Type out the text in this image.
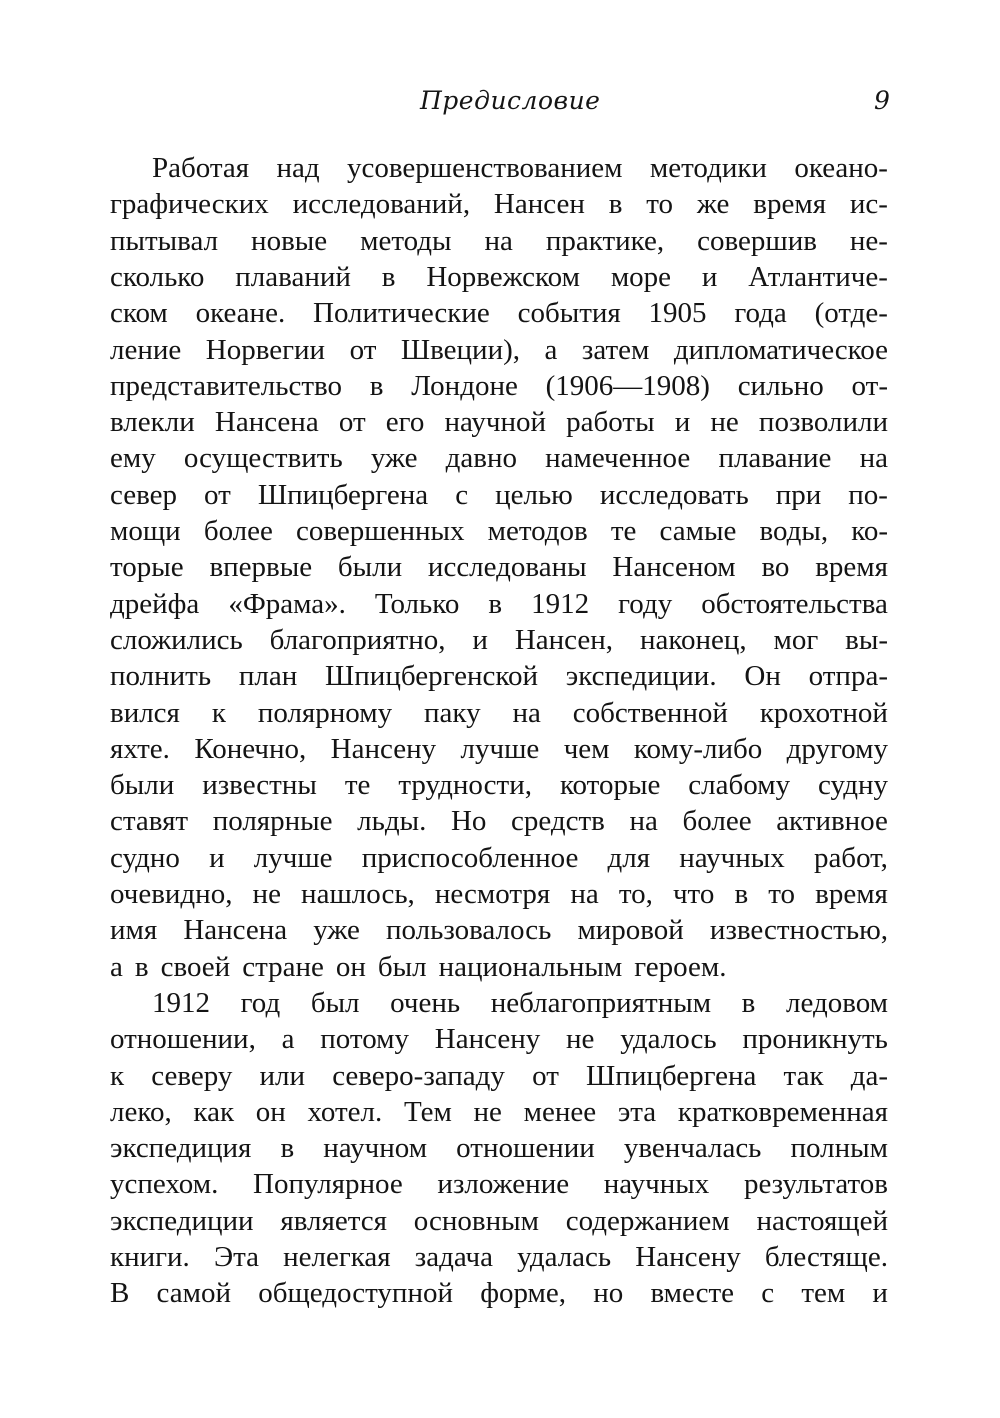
Предисловие	9
Работая над усовершенствованием методики океано-
графических исследований, Нансен в то же время ис-
пытывал новые методы на практике, совершив не-
сколько плаваний в Норвежском море и Атлантиче-
ском океане. Политические события 1905 года (отде-
ление Норвегии от Швеции), а затем дипломатическое
представительство в Лондоне (1906—1908) сильно от-
влекли Нансена от его научной работы и не позволили
ему осуществить уже давно намеченное плавание на
север от Шпицбергена с целью исследовать при по-
мощи более совершенных методов те самые воды, ко-
торые впервые были исследованы Нансеном во время
дрейфа «Фрама». Только в 1912 году обстоятельства
сложились благоприятно, и Нансен, наконец, мог вы-
полнить план Шпицбергенской экспедиции. Он отпра-
вился к полярному паку на собственной крохотной
яхте. Конечно, Нансену лучше чем кому-либо другому
были известны те трудности, которые слабому судну
ставят полярные льды. Но средств на более активное
судно и лучше приспособленное для научных работ,
очевидно, не нашлось, несмотря на то, что в то время
имя Нансена уже пользовалось мировой известностью,
а в своей стране он был национальным героем.
1912 год был очень неблагоприятным в ледовом
отношении, а потому Нансену не удалось проникнуть
к северу или северо-западу от Шпицбергена так да-
леко, как он хотел. Тем не менее эта кратковременная
экспедиция в научном отношении увенчалась полным
успехом. Популярное изложение научных результатов
экспедиции является основным содержанием настоящей
книги. Эта нелегкая задача удалась Нансену блестяще.
В самой общедоступной форме, но вместе с тем и
